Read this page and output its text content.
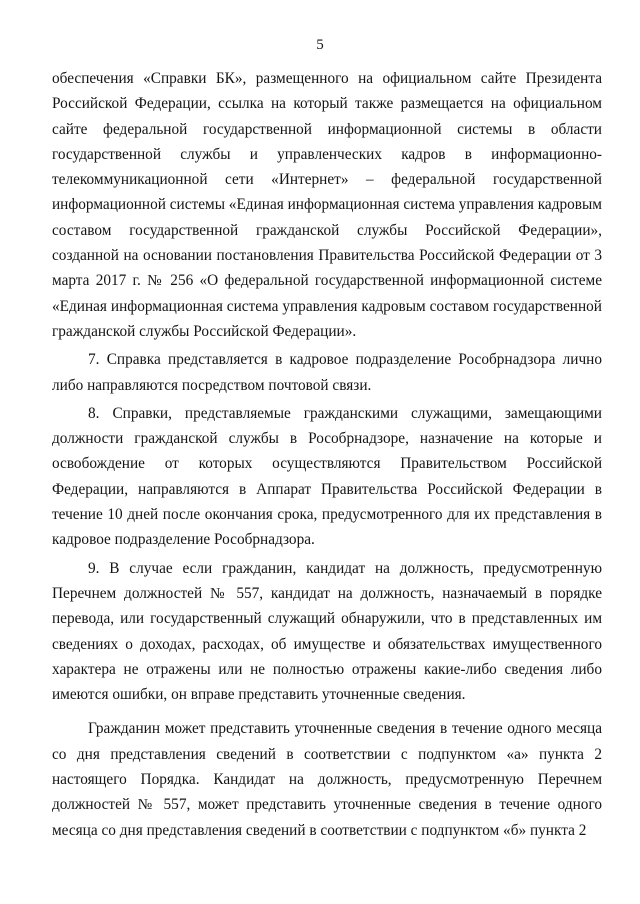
5

обеспечения «Справки БК», размещенного на официальном сайте Президента Российской Федерации, ссылка на который также размещается на официальном сайте федеральной государственной информационной системы в области государственной службы и управленческих кадров в информационно-телекоммуникационной сети «Интернет» – федеральной государственной информационной системы «Единая информационная система управления кадровым составом государственной гражданской службы Российской Федерации», созданной на основании постановления Правительства Российской Федерации от 3 марта 2017 г. № 256 «О федеральной государственной информационной системе «Единая информационная система управления кадровым составом государственной гражданской службы Российской Федерации».

7. Справка представляется в кадровое подразделение Рособрнадзора лично либо направляются посредством почтовой связи.

8. Справки, представляемые гражданскими служащими, замещающими должности гражданской службы в Рособрнадзоре, назначение на которые и освобождение от которых осуществляются Правительством Российской Федерации, направляются в Аппарат Правительства Российской Федерации в течение 10 дней после окончания срока, предусмотренного для их представления в кадровое подразделение Рособрнадзора.

9. В случае если гражданин, кандидат на должность, предусмотренную Перечнем должностей № 557, кандидат на должность, назначаемый в порядке перевода, или государственный служащий обнаружили, что в представленных им сведениях о доходах, расходах, об имуществе и обязательствах имущественного характера не отражены или не полностью отражены какие-либо сведения либо имеются ошибки, он вправе представить уточненные сведения.

Гражданин может представить уточненные сведения в течение одного месяца со дня представления сведений в соответствии с подпунктом «а» пункта 2 настоящего Порядка. Кандидат на должность, предусмотренную Перечнем должностей № 557, может представить уточненные сведения в течение одного месяца со дня представления сведений в соответствии с подпунктом «б» пункта 2
